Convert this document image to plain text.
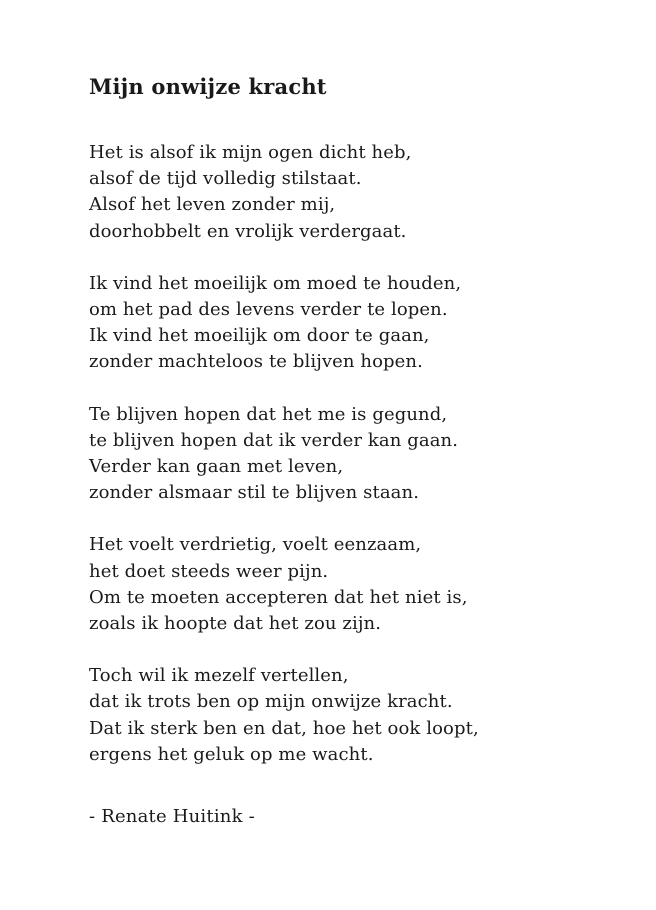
Mijn onwijze kracht
Het is alsof ik mijn ogen dicht heb,
alsof de tijd volledig stilstaat.
Alsof het leven zonder mij,
doorhobbelt en vrolijk verdergaat.
Ik vind het moeilijk om moed te houden,
om het pad des levens verder te lopen.
Ik vind het moeilijk om door te gaan,
zonder machteloos te blijven hopen.
Te blijven hopen dat het me is gegund,
te blijven hopen dat ik verder kan gaan.
Verder kan gaan met leven,
zonder alsmaar stil te blijven staan.
Het voelt verdrietig, voelt eenzaam,
het doet steeds weer pijn.
Om te moeten accepteren dat het niet is,
zoals ik hoopte dat het zou zijn.
Toch wil ik mezelf vertellen,
dat ik trots ben op mijn onwijze kracht.
Dat ik sterk ben en dat, hoe het ook loopt,
ergens het geluk op me wacht.
- Renate Huitink -
